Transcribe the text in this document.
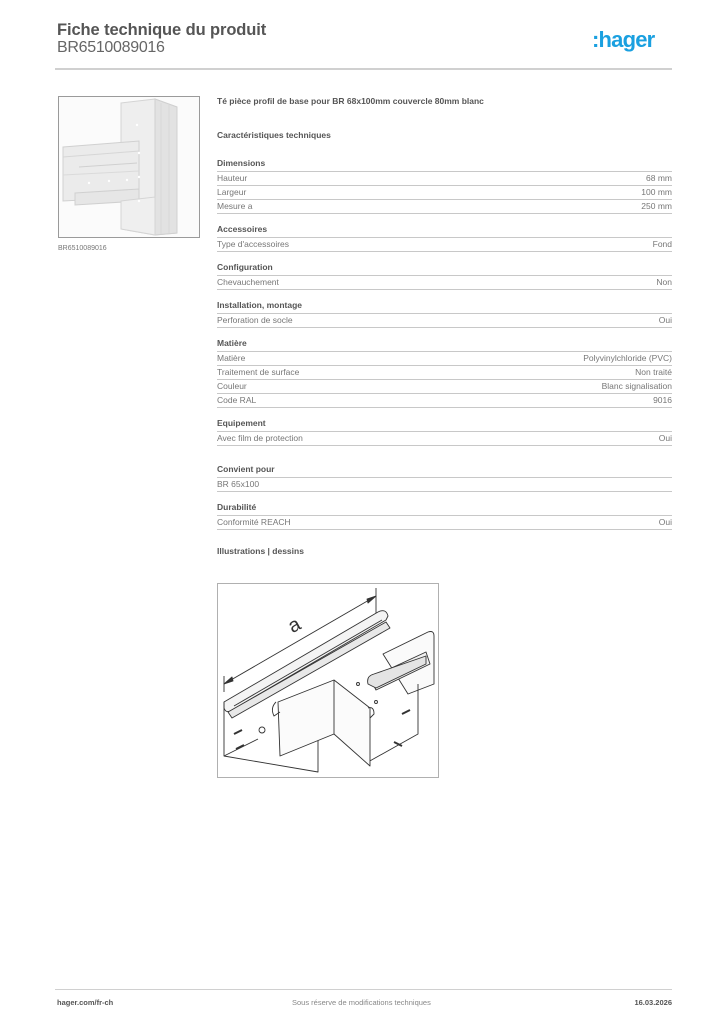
Fiche technique du produit
BR6510089016	:hager
BR6510089016
Té pièce profil de base pour BR 68x100mm couvercle 80mm blanc
Caractéristiques techniques
Dimensions
Hauteur	68 mm
Largeur	100 mm
Mesure a	250 mm
Accessoires
Type d'accessoires	Fond
Configuration
Chevauchement	Non
Installation, montage
Perforation de socle	Oui
Matière
Matière	Polyvinylchloride (PVC)
Traitement de surface	Non traité
Couleur	Blanc signalisation
Code RAL	9016
Equipement
Avec film de protection	Oui
Convient pour
BR 65x100
Durabilité
Conformité REACH	Oui
Illustrations | dessins
a
hager.com/fr-ch	Sous réserve de modifications techniques	16.03.2026
